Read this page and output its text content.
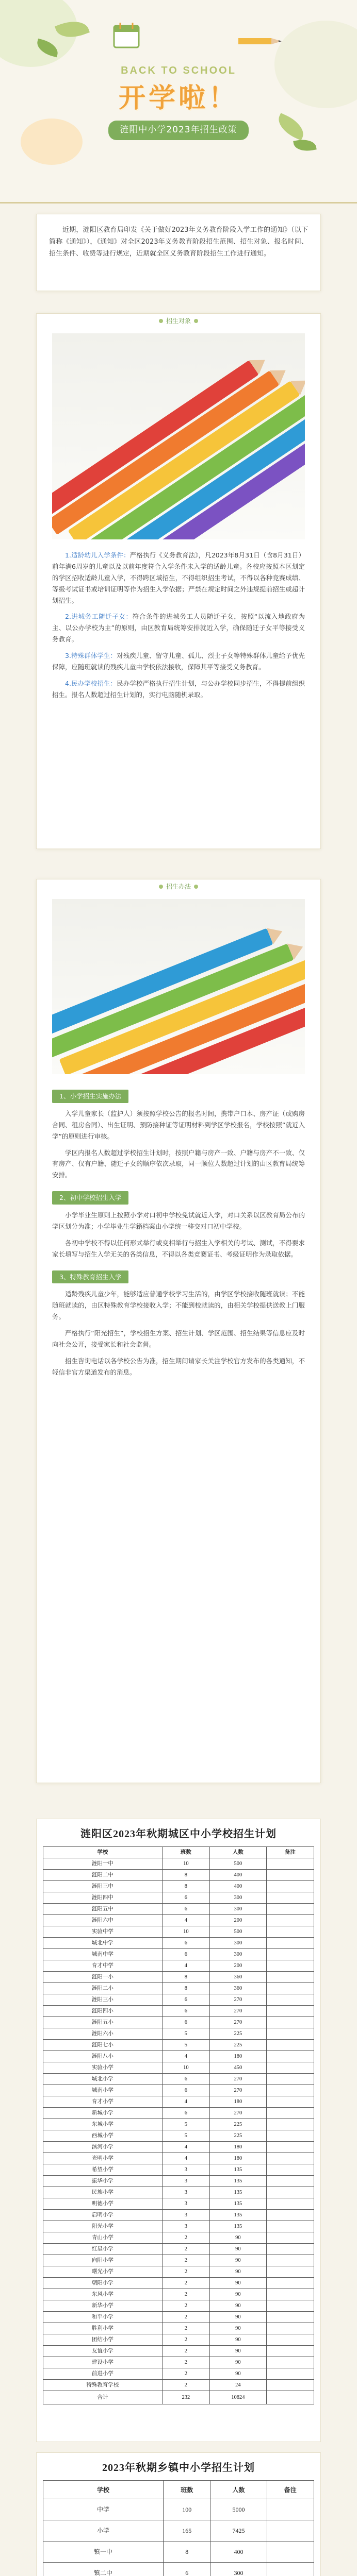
BACK TO SCHOOL
开学啦！
涟阳中小学2023年招生政策

近期，涟阳区教育局印发《关于做好2023年义务教育阶段入学工作的通知》（以下简称《通知》），《通知》对全区2023年义务教育阶段招生范围、招生对象、报名时间、招生条件、收费等进行规定，近期就全区义务教育阶段招生工作进行通知。

招生对象

1.适龄幼儿入学条件：严格执行《义务教育法》，凡2023年8月31日（含8月31日）前年满6周岁的儿童以及以前年度符合入学条件未入学的适龄儿童。各校应按照本区划定的学区招收适龄儿童入学，不得跨区域招生，不得组织招生考试，不得以各种竞赛成绩、等级考试证书或培训证明等作为招生入学依据；严禁在规定时间之外违规提前招生或超计划招生。

2.进城务工随迁子女：符合条件的进城务工人员随迁子女，按照“以流入地政府为主、以公办学校为主”的原则，由区教育局统筹安排就近入学，确保随迁子女平等接受义务教育。

3.特殊群体学生：对残疾儿童、留守儿童、孤儿、烈士子女等特殊群体儿童给予优先保障，应随班就读的残疾儿童由学校依法接收，保障其平等接受义务教育。

4.民办学校招生：民办学校严格执行招生计划，与公办学校同步招生，不得提前组织招生。报名人数超过招生计划的，实行电脑随机录取。

招生办法
1、小学招生实施办法

入学儿童家长（监护人）须按照学校公告的报名时间，携带户口本、房产证（或购房合同、租房合同）、出生证明、预防接种证等证明材料到学区学校报名，学校按照“就近入学”的原则进行审核。

学区内报名人数超过学校招生计划时，按照户籍与房产一致、户籍与房产不一致、仅有房产、仅有户籍、随迁子女的顺序依次录取，同一顺位人数超过计划的由区教育局统筹安排。

2、初中学校招生入学

小学毕业生原则上按照小学对口初中学校免试就近入学，对口关系以区教育局公布的学区划分为准；小学毕业生学籍档案由小学统一移交对口初中学校。

各初中学校不得以任何形式举行或变相举行与招生入学相关的考试、测试，不得要求家长填写与招生入学无关的各类信息，不得以各类竞赛证书、考级证明作为录取依据。

3、特殊教育招生入学

适龄残疾儿童少年，能够适应普通学校学习生活的，由学区学校接收随班就读；不能随班就读的，由区特殊教育学校接收入学；不能到校就读的，由相关学校提供送教上门服务。

严格执行“阳光招生”，学校招生方案、招生计划、学区范围、招生结果等信息应及时向社会公开，接受家长和社会监督。

招生咨询电话以各学校公告为准，招生期间请家长关注学校官方发布的各类通知，不轻信非官方渠道发布的消息。

涟阳区2023年秋期城区中小学校招生计划
学校	班数	人数	备注
涟阳一中	10	500	
涟阳二中	8	400	
涟阳三中	8	400	
涟阳四中	6	300	
涟阳五中	6	300	
涟阳六中	4	200	
实验中学	10	500	
城北中学	6	300	
城南中学	6	300	
育才中学	4	200	
涟阳一小	8	360	
涟阳二小	8	360	
涟阳三小	6	270	
涟阳四小	6	270	
涟阳五小	6	270	
涟阳六小	5	225	
涟阳七小	5	225	
涟阳八小	4	180	
实验小学	10	450	
城北小学	6	270	
城南小学	6	270	
育才小学	4	180	
新城小学	6	270	
东城小学	5	225	
西城小学	5	225	
滨河小学	4	180	
光明小学	4	180	
希望小学	3	135	
振华小学	3	135	
民族小学	3	135	
明德小学	3	135	
启明小学	3	135	
阳光小学	3	135	
青山小学	2	90	
红星小学	2	90	
向阳小学	2	90	
曙光小学	2	90	
朝阳小学	2	90	
东风小学	2	90	
新华小学	2	90	
和平小学	2	90	
胜利小学	2	90	
团结小学	2	90	
友谊小学	2	90	
建设小学	2	90	
前进小学	2	90	
特殊教育学校	2	24	
合计	232	10824	
2023年秋期乡镇中小学招生计划
学校	班数	人数	备注
中学	100	5000	
小学	165	7425	
镇一中	8	400	
镇二中	6	300	
